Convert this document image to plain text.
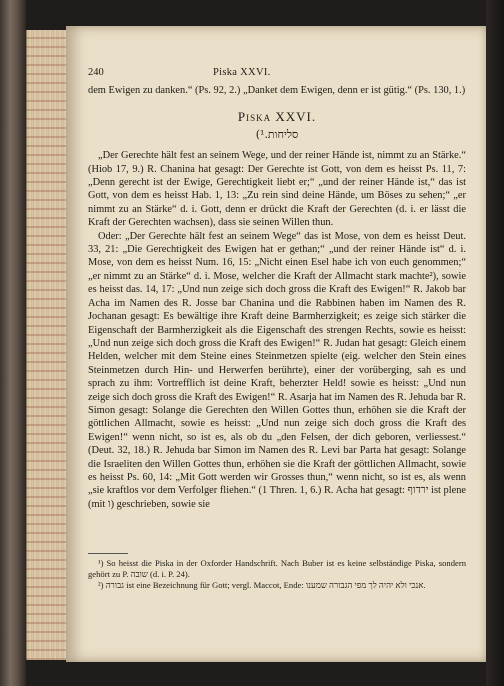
240	Piska XXVI.

dem Ewigen zu danken.“ (Ps. 92, 2.) „Danket dem Ewigen, denn er ist gütig.“ (Ps. 130, 1.)

Piska XXVI.
סליחות.¹)

„Der Gerechte hält fest an seinem Wege, und der reiner Hände ist, nimmt zu an Stärke.“ (Hiob 17, 9.) R. Chanina hat gesagt: Der Gerechte ist Gott, von dem es heisst Ps. 11, 7: „Denn gerecht ist der Ewige, Gerechtigkeit liebt er;“ „und der reiner Hände ist,“ das ist Gott, von dem es heisst Hab. 1, 13: „Zu rein sind deine Hände, um Böses zu sehen;“ „er nimmt zu an Stärke“ d. i. Gott, denn er drückt die Kraft der Gerechten (d. i. er lässt die Kraft der Gerechten wachsen), dass sie seinen Willen thun.

Oder: „Der Gerechte hält fest an seinem Wege“ das ist Mose, von dem es heisst Deut. 33, 21: „Die Gerechtigkeit des Ewigen hat er gethan;“ „und der reiner Hände ist“ d. i. Mose, von dem es heisst Num. 16, 15: „Nicht einen Esel habe ich von euch genommen;“ „er nimmt zu an Stärke“ d. i. Mose, welcher die Kraft der Allmacht stark machte²), sowie es heisst das. 14, 17: „Und nun zeige sich doch gross die Kraft des Ewigen!“ R. Jakob bar Acha im Namen des R. Josse bar Chanina und die Rabbinen haben im Namen des R. Jochanan gesagt: Es bewältige ihre Kraft deine Barmherzigkeit; es zeige sich stärker die Eigenschaft der Barmherzigkeit als die Eigenschaft des strengen Rechts, sowie es heisst: „Und nun zeige sich doch gross die Kraft des Ewigen!“ R. Judan hat gesagt: Gleich einem Helden, welcher mit dem Steine eines Steinmetzen spielte (eig. welcher den Stein eines Steinmetzen durch Hin- und Herwerfen berührte), einer der vorüberging, sah es und sprach zu ihm: Vortrefflich ist deine Kraft, beherzter Held! sowie es heisst: „Und nun zeige sich doch gross die Kraft des Ewigen!“ R. Asarja hat im Namen des R. Jehuda bar R. Simon gesagt: Solange die Gerechten den Willen Gottes thun, erhöhen sie die Kraft der göttlichen Allmacht, sowie es heisst: „Und nun zeige sich doch gross die Kraft des Ewigen!“ wenn nicht, so ist es, als ob du „den Felsen, der dich geboren, verliessest.“ (Deut. 32, 18.) R. Jehuda bar Simon im Namen des R. Levi bar Parta hat gesagt: Solange die Israeliten den Willen Gottes thun, erhöhen sie die Kraft der göttlichen Allmacht, sowie es heisst Ps. 60, 14: „Mit Gott werden wir Grosses thun,“ wenn nicht, so ist es, als wenn „sie kraftlos vor dem Verfolger fliehen.“ (1 Thren. 1, 6.) R. Acha hat gesagt: ירדוף ist plene (mit ו) geschrieben, sowie sie

¹) So heisst die Piska in der Oxforder Handschrift. Nach Buber ist es keine selbständige Piska, sondern gehört zu P. שובה (d. i. P. 24).

²) גבורה ist eine Bezeichnung für Gott; vergl. Maccot, Ende: אנכי ולא יהיה לך מפי הגבורה שמענו.
